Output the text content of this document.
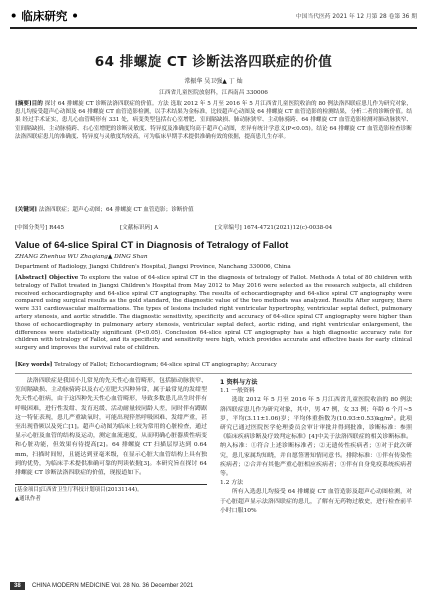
• 临床研究 •	中国当代医药 2021 年 12 月第 28 卷第 36 期
64 排螺旋 CT 诊断法洛四联症的价值
常振华 吴卫强▲ 丁 灿
江西省儿童医院放射科，江西南昌 330006
[摘要]目的 探讨 64 排螺旋 CT 诊断法洛四联症的价值。方法 选取 2012 年 5 月至 2016 年 5 月江西省儿童医院收治的 80 例法洛四联症患儿作为研究对象，患儿均接受超声心动图及 64 排螺旋 CT 血管造影检测，以手术结果为金标准，比较超声心动图及 64 排螺旋 CT 血管造影的检测结果，分析二者的诊断价值。结果 经过手术证实，患儿心血管畸形有 331 处，病变类型包括右心室增肥、室间隔缺损、肺动脉狭窄、主动脉骑跨、64 排螺旋 CT 血管造影检测对肺动脉狭窄、室间隔缺损、主动脉骑跨、右心室增肥的诊断灵敏度、特异度及准确度均高于超声心动图，差异有统计学意义(P<0.05)。结论 64 排螺旋 CT 血管造影检查诊断法洛四联症患儿的准确度、特异度与灵敏度均较高，可为临床早期手术提供准确有效的依据，提高患儿生存率。
[关键词] 法洛四联症；超声心动图；64 排螺旋 CT 血管造影；诊断价值
[中图分类号] R445	[文献标识码] A	[文章编号] 1674-4721(2021)12(c)-0038-04
Value of 64-slice Spiral CT in Diagnosis of Tetralogy of Fallot
ZHANG Zhenhua WU Zhaqiang▲ DING Shan
Department of Radiology, Jiangxi Children's Hospital, Jiangxi Province, Nanchang 330006, China
[Abstract] Objective To explore the value of 64-slice spiral CT in the diagnosis of tetralogy of Fallot. Methods A total of 80 children with tetralogy of Fallot treated in Jiangxi Children's Hospital from May 2012 to May 2016 were selected as the research subjects, all children received echocardiography and 64-slice spiral CT angiography. The results of echocardiography and 64-slice spiral CT angiography were compared using surgical results as the gold standard, the diagnostic value of the two methods was analyzed. Results After surgery, there were 331 cardiovascular malformations. The types of lesions included right ventricular hypertrophy, ventricular septal defect, pulmonary artery stenosis, and aortic straddle. The diagnostic sensitivity, specificity and accuracy of 64-slice spiral CT angiography were higher than those of echocardiography in pulmonary artery stenosis, ventricular septal defect, aortic riding, and right ventricular enlargement, the differences were statistically significant (P<0.05). Conclusion 64-slice spiral CT angiography has a high diagnostic accuracy rate for children with tetralogy of Fallot, and its specificity and sensitivity were high, which provides accurate and effective basis for early clinical surgery and improves the survival rate of children.
[Key words] Tetralogy of Fallot; Echocardiogram; 64-slice spiral CT angiography; Accuracy

法洛四联症是我国小儿常见的先天性心血管畸形，包括肺动脉狭窄、室间隔缺损、主动脉骑跨以及右心室肥大四种异常，属于最常见的发绀型先天性心脏病，由于这四种先天性心血管畸形，导致多数患儿出生时伴有呼吸困难，进行性发绀、发育迟缓、活动耐量较同龄人差，同时伴有蹲踞这一特征表现，患儿严重缺氧时，可能出现猝然呼吸困难、发绀严重，甚至出现昏厥以及死亡[1]。超声心动图为临床上较为常用的心脏检查，通过显示心脏及血管的结构及运动，测定血流速度，从而明确心脏器质性病变和心脏功能，但效果有待提高[2]。64 排螺旋 CT 扫描层厚达到 0.64 mm，扫描时间短，且能达到亚毫米级，在显示心脏大血管结构上具有独到的优势，为临床手术提供准确可靠的判读依据[3]。本研究旨在探讨 64 排螺旋 CT 诊断法洛四联症的价值，现报道如下。

[基金项目]江西省卫生厅科技计划项目(20131144)。

▲通讯作者

1 资料与方法

1.1 一般资料

选取 2012 年 5 月至 2016 年 5 月江西省儿童医院收治的 80 例法洛四联症患儿作为研究对象，其中，男 47 例，女 33 例；年龄 6 个月~5 岁，平均(3.11±1.06)岁；平均体重指数为(10.93±0.53)kg/m²。此项研究已通过医院医学伦理委员会审计审批并得到批准，诊断标准：参照《临床疾病诊断及疗效判定标准》[4]中关于法洛四联症的相关诊断标准。纳入标准：①符合上述诊断标准者；②无遗传性疾病者；③对于此次研究，患儿家属均知晓，并自愿签署知情同意书。排除标准：①伴有传染性疾病者；②合并有其他严重心脏相应疾病者；③伴有自身免疫系统疾病者等。

1.2 方法

所有入选患儿均接受 64 排螺旋 CT 血管造影及超声心动图检测，对于心脏超声显示法洛四联症的患儿，了解有无药物过敏史，进行检查前半小时口服10%

38	CHINA MODERN MEDICINE Vol. 28 No. 36 December 2021
